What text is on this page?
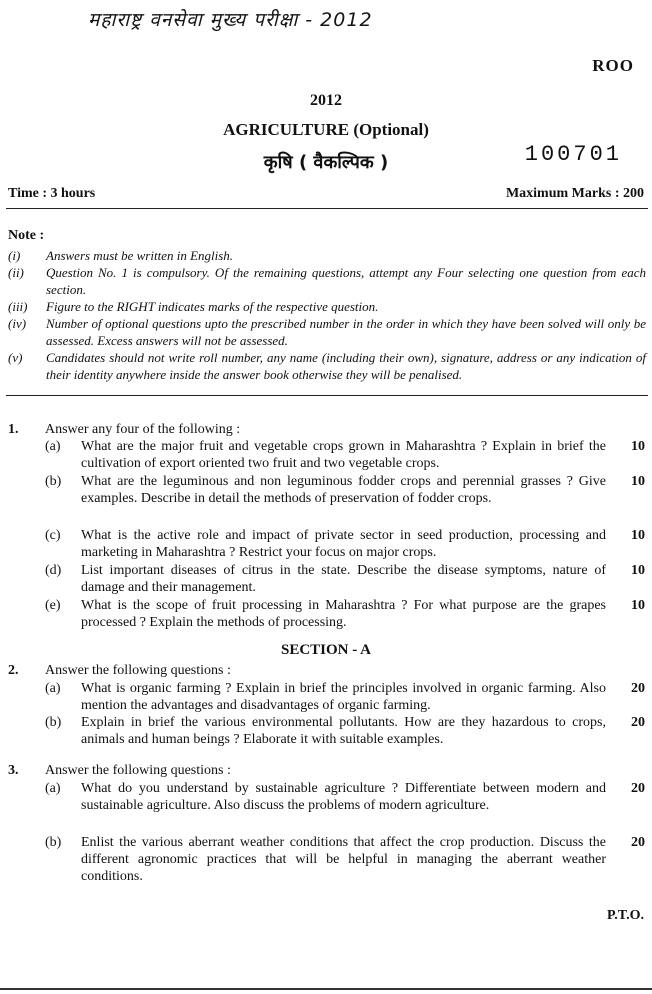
महाराष्ट्र वनसेवा मुख्य परीक्षा - 2012
ROO
2012
AGRICULTURE (Optional)
कृषि ( वैकल्पिक )	100701
Time : 3 hours	Maximum Marks : 200
Note :
(i)	Answers must be written in English.
(ii)	Question No. 1 is compulsory. Of the remaining questions, attempt any Four selecting one question from each section.
(iii)	Figure to the RIGHT indicates marks of the respective question.
(iv)	Number of optional questions upto the prescribed number in the order in which they have been solved will only be assessed. Excess answers will not be assessed.
(v)	Candidates should not write roll number, any name (including their own), signature, address or any indication of their identity anywhere inside the answer book otherwise they will be penalised.
1. Answer any four of the following :
(a) What are the major fruit and vegetable crops grown in Maharashtra ? Explain in brief the cultivation of export oriented two fruit and two vegetable crops.
10
(b) What are the leguminous and non leguminous fodder crops and perennial grasses ? Give examples. Describe in detail the methods of preservation of fodder crops.
10
(c) What is the active role and impact of private sector in seed production, processing and marketing in Maharashtra ? Restrict your focus on major crops.
10
(d) List important diseases of citrus in the state. Describe the disease symptoms, nature of damage and their management.
10
(e) What is the scope of fruit processing in Maharashtra ? For what purpose are the grapes processed ? Explain the methods of processing.
10
SECTION - A
2. Answer the following questions :
(a) What is organic farming ? Explain in brief the principles involved in organic farming. Also mention the advantages and disadvantages of organic farming.
20
(b) Explain in brief the various environmental pollutants. How are they hazardous to crops, animals and human beings ? Elaborate it with suitable examples.
20
3. Answer the following questions :
(a) What do you understand by sustainable agriculture ? Differentiate between modern and sustainable agriculture. Also discuss the problems of modern agriculture.
20
(b) Enlist the various aberrant weather conditions that affect the crop production. Discuss the different agronomic practices that will be helpful in managing the aberrant weather conditions.
20
P.T.O.
